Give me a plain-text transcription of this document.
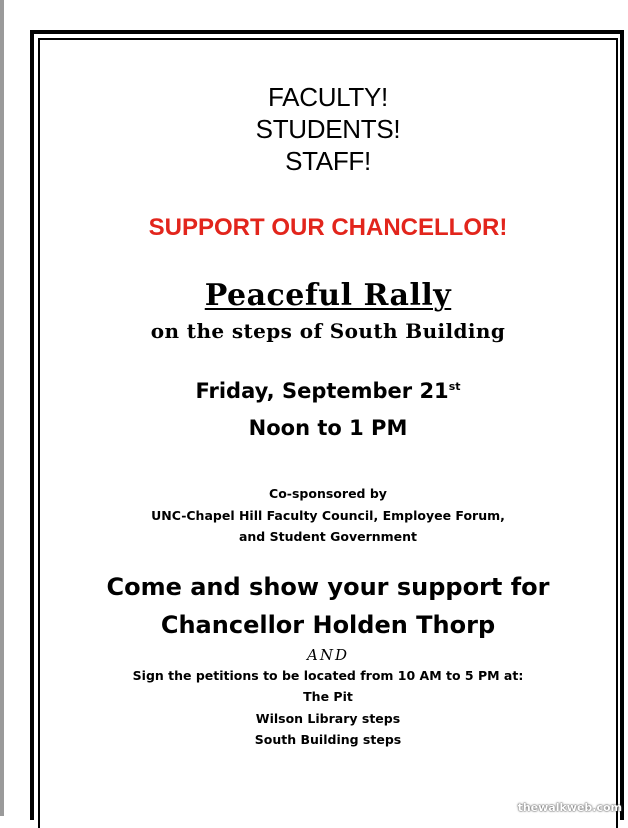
FACULTY!
STUDENTS!
STAFF!
SUPPORT OUR CHANCELLOR!
Peaceful Rally
on the steps of South Building
Friday, September 21st
Noon to 1 PM
Co-sponsored by
UNC-Chapel Hill Faculty Council, Employee Forum,
and Student Government
Come and show your support for
Chancellor Holden Thorp
AND
Sign the petitions to be located from 10 AM to 5 PM at:
The Pit
Wilson Library steps
South Building steps
thewalkweb.com
